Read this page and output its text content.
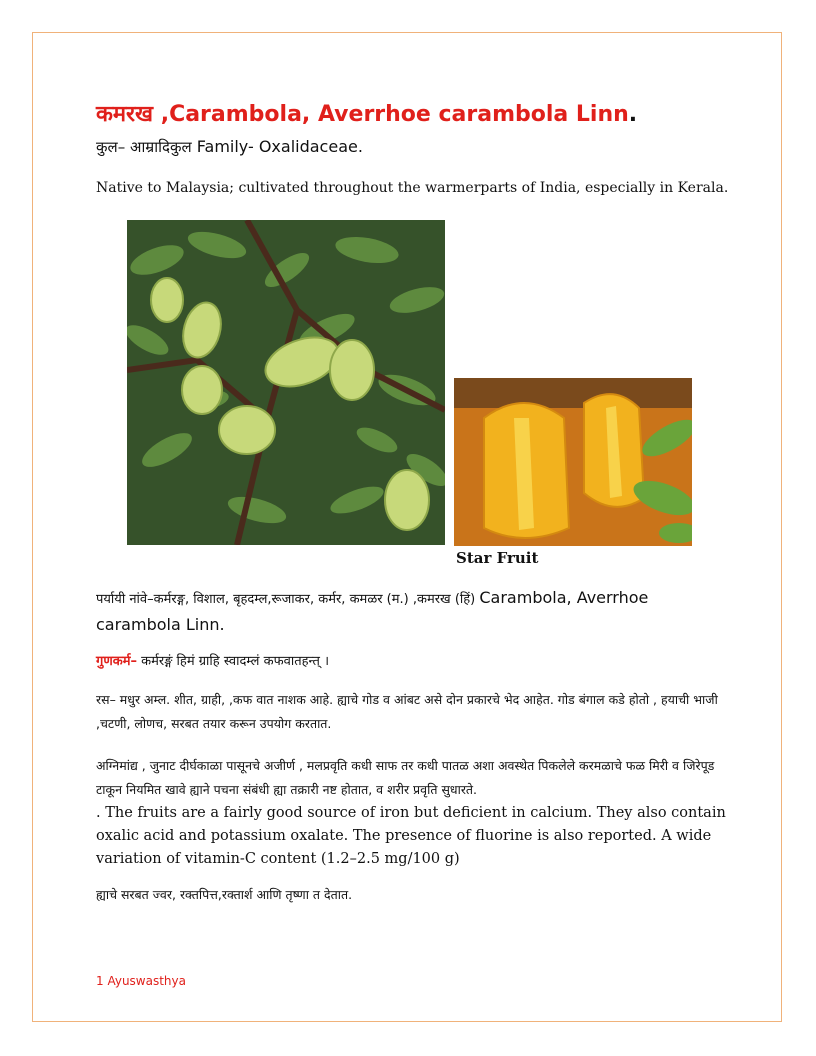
कमरख ,Carambola, Averrhoe carambola Linn.
कुल– आम्रादिकुल Family- Oxalidaceae.

Native to Malaysia; cultivated throughout the warmerparts of India, especially in Kerala.

Star Fruit
पर्यायी नांवे–कर्मरङ्ग, विशाल, बृहदम्ल,रूजाकर, कर्मर, कमळर (म.) ,कमरख (हिं) Carambola, Averrhoe carambola Linn.
गुणकर्म– कर्मरङ्गं हिमं ग्राहि स्वादम्लं कफवातहन्त् ।
रस– मधुर अम्ल. शीत, ग्राही, ,कफ वात नाशक आहे. ह्याचे गोड व आंबट असे दोन प्रकारचे भेद आहेत. गोड बंगाल कडे होतो , हयाची भाजी ,चटणी, लोणच, सरबत तयार करून उपयोग करतात.
अग्निमांद्य , जुनाट दीर्घकाळा पासूनचे अजीर्ण , मलप्रवृति कधी साफ तर कधी पातळ अशा अवस्थेत पिकलेले करमळाचे फळ मिरी व जिरेपूड टाकून नियमित खावे ह्याने पचना संबंधी ह्या तक्रारी नष्ट होतात, व शरीर प्रवृति सुधारते.
. The fruits are a fairly good source of iron but deficient in calcium. They also contain oxalic acid and potassium oxalate. The presence of fluorine is also reported. A wide variation of vitamin-C content (1.2–2.5 mg/100 g)
ह्याचे सरबत ज्वर, रक्तपित्त,रक्तार्श आणि तृष्णा त देतात.
1 Ayuswasthya
